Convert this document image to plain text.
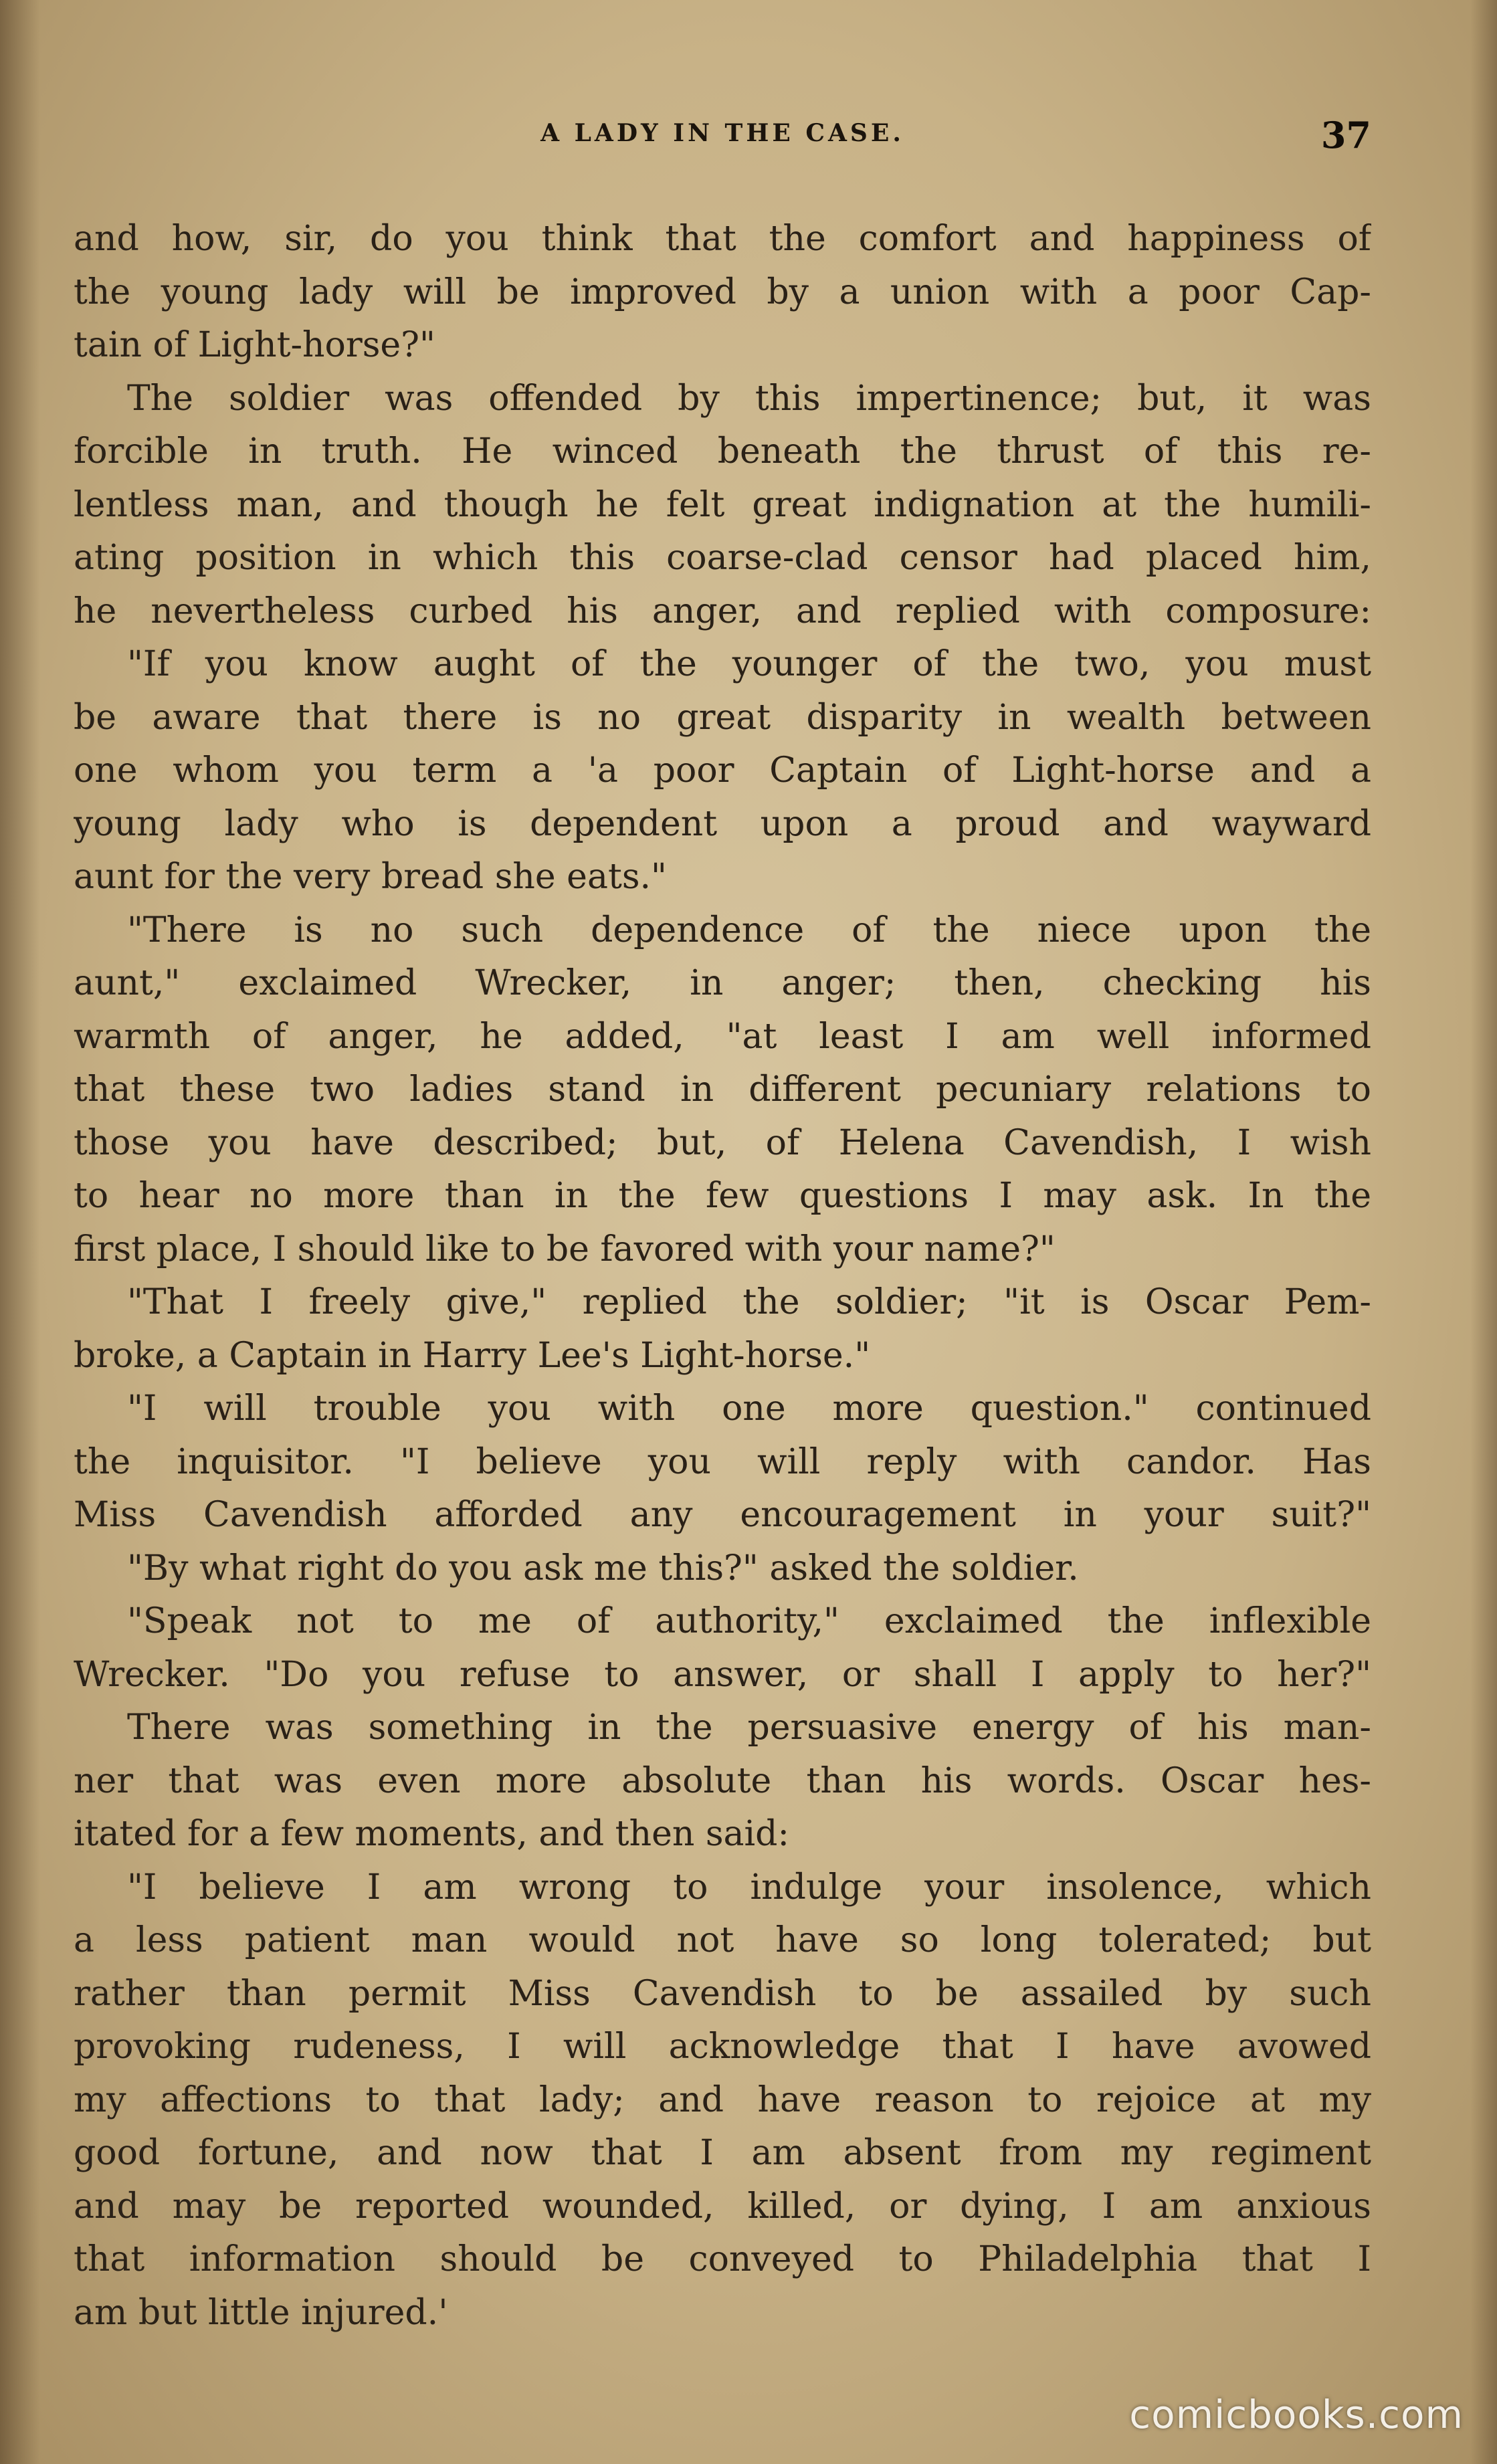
A LADY IN THE CASE.	37
and how, sir, do you think that the comfort and happiness of
the young lady will be improved by a union with a poor Cap-
tain of Light-horse?"
The soldier was offended by this impertinence; but, it was
forcible in truth. He winced beneath the thrust of this re-
lentless man, and though he felt great indignation at the humili-
ating position in which this coarse-clad censor had placed him,
he nevertheless curbed his anger, and replied with composure:
"If you know aught of the younger of the two, you must
be aware that there is no great disparity in wealth between
one whom you term a 'a poor Captain of Light-horse and a
young lady who is dependent upon a proud and wayward
aunt for the very bread she eats."
"There is no such dependence of the niece upon the
aunt," exclaimed Wrecker, in anger; then, checking his
warmth of anger, he added, "at least I am well informed
that these two ladies stand in different pecuniary relations to
those you have described; but, of Helena Cavendish, I wish
to hear no more than in the few questions I may ask. In the
first place, I should like to be favored with your name?"
"That I freely give," replied the soldier; "it is Oscar Pem-
broke, a Captain in Harry Lee's Light-horse."
"I will trouble you with one more question." continued
the inquisitor. "I believe you will reply with candor. Has
Miss Cavendish afforded any encouragement in your suit?"
"By what right do you ask me this?" asked the soldier.
"Speak not to me of authority," exclaimed the inflexible
Wrecker. "Do you refuse to answer, or shall I apply to her?"
There was something in the persuasive energy of his man-
ner that was even more absolute than his words. Oscar hes-
itated for a few moments, and then said:
"I believe I am wrong to indulge your insolence, which
a less patient man would not have so long tolerated; but
rather than permit Miss Cavendish to be assailed by such
provoking rudeness, I will acknowledge that I have avowed
my affections to that lady; and have reason to rejoice at my
good fortune, and now that I am absent from my regiment
and may be reported wounded, killed, or dying, I am anxious
that information should be conveyed to Philadelphia that I
am but little injured.'
comicbooks.com
